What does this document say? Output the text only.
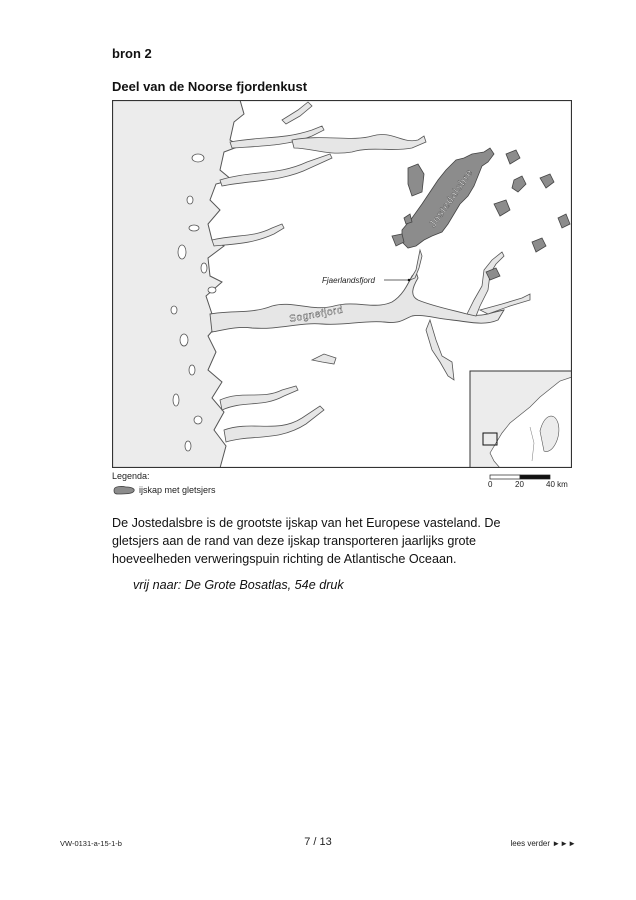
bron 2
Deel van de Noorse fjordenkust
Jostedalsbre
Sognefjord
Fjaerlandsfjord
Legenda:
ijskap met gletsjers
0	20	40 km
De Jostedalsbre is de grootste ijskap van het Europese vasteland. De gletsjers aan de rand van deze ijskap transporteren jaarlijks grote hoeveelheden verweringspuin richting de Atlantische Oceaan.
vrij naar: De Grote Bosatlas, 54e druk
VW-0131-a-15-1-b	7 / 13	lees verder ►►►
